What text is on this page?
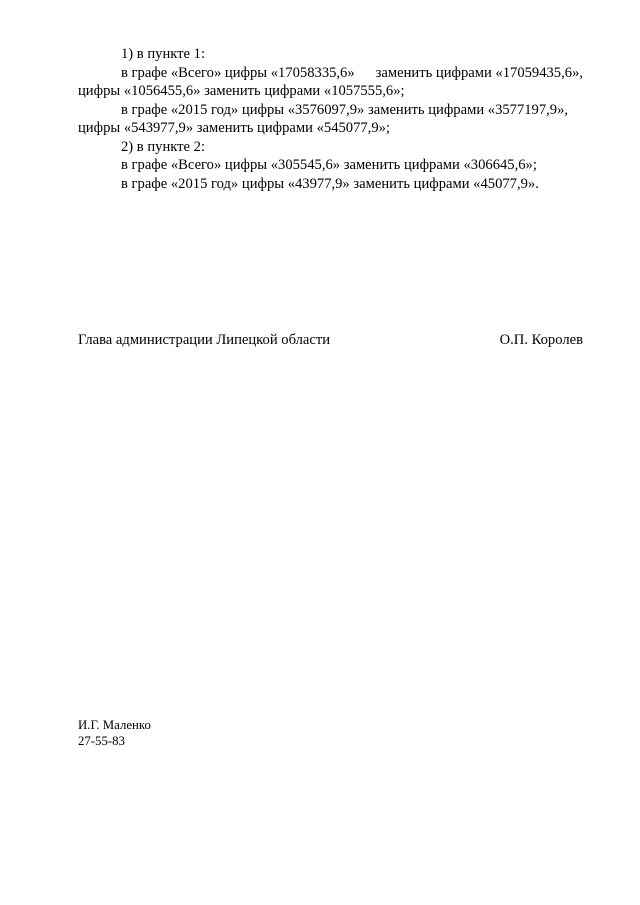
1) в пункте 1:
в графе «Всего» цифры «17058335,6» заменить цифрами «17059435,6»,
цифры «1056455,6» заменить цифрами «1057555,6»;
в графе «2015 год» цифры «3576097,9» заменить цифрами «3577197,9»,
цифры «543977,9» заменить цифрами «545077,9»;
2) в пункте 2:
в графе «Всего» цифры «305545,6» заменить цифрами «306645,6»;
в графе «2015 год» цифры «43977,9» заменить цифрами «45077,9».
Глава администрации Липецкой области	О.П. Королев
И.Г. Маленко
27-55-83
